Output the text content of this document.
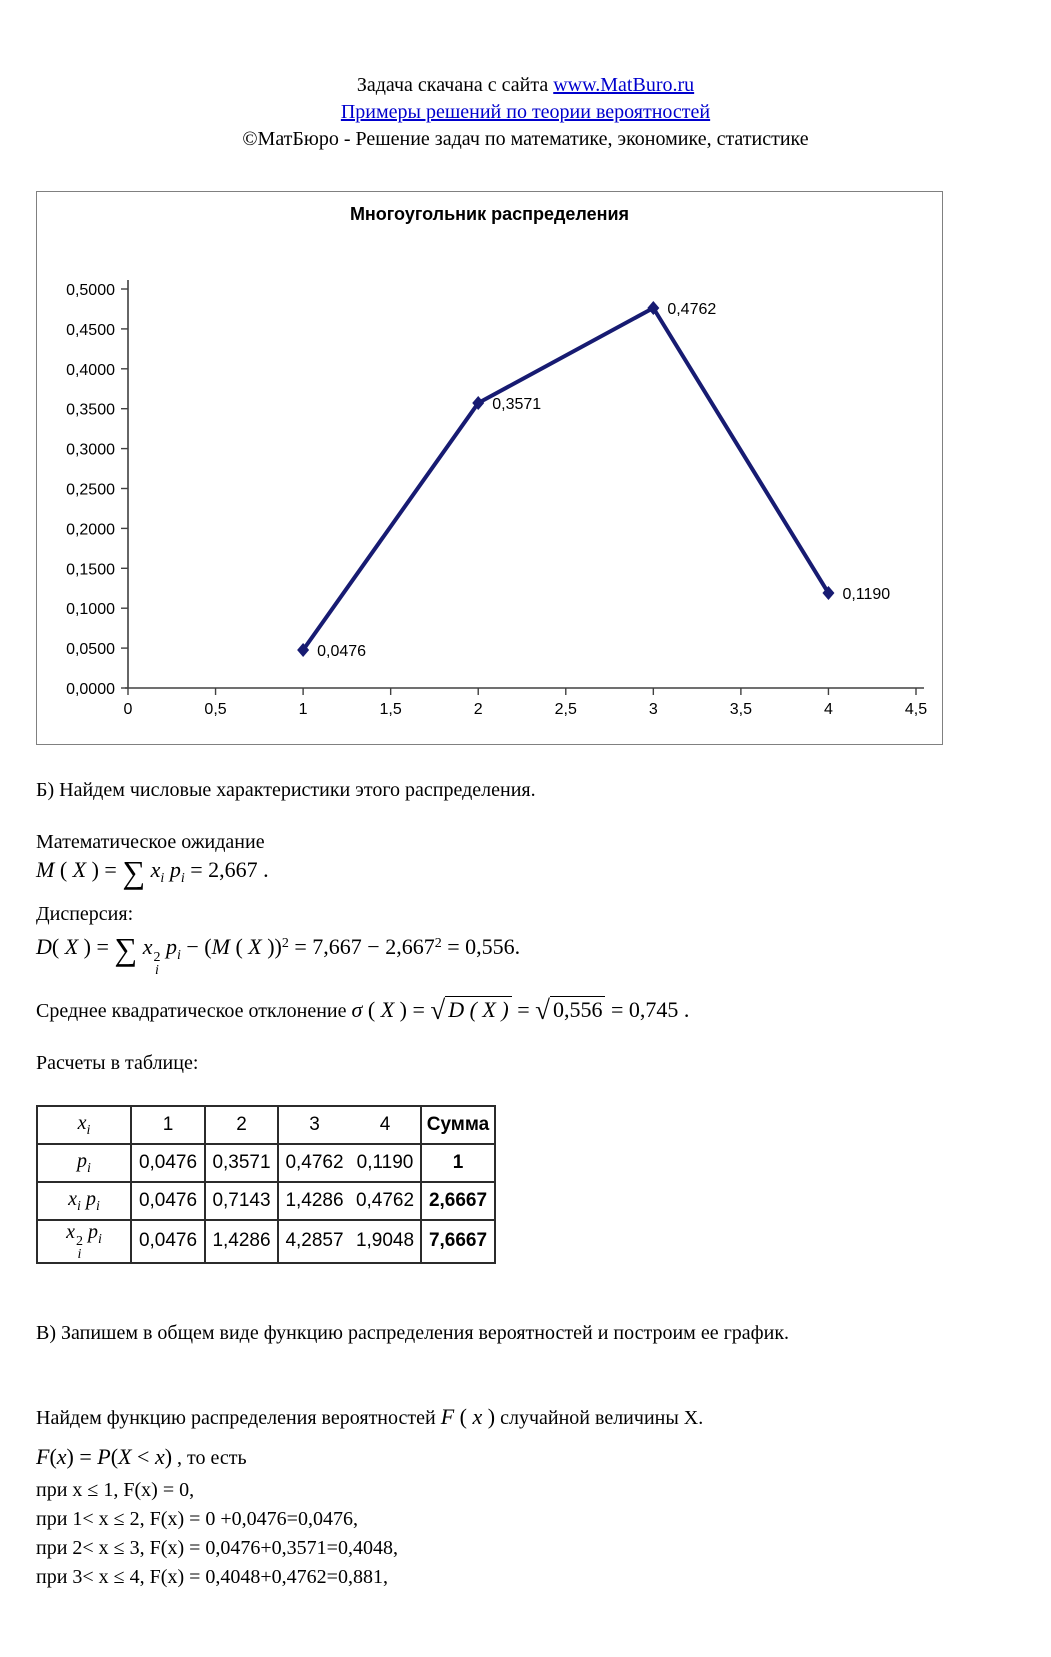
Задача скачана с сайта www.MatBuro.ru
Примеры решений по теории вероятностей
©МатБюро - Решение задач по математике, экономике, статистике
0,0000
0,0500
0,1000
0,1500
0,2000
0,2500
0,3000
0,3500
0,4000
0,4500
0,5000
0	0,5	1	1,5	2	2,5	3	3,5	4	4,5
0,0476
0,3571
0,4762
0,1190
Многоугольник распределения
Б) Найдем числовые характеристики этого распределения.
Математическое ожидание
M ( X ) = ∑ $x_i$ $p_i = 2,667$ .
Дисперсия:
D( X ) = ∑ x 2
i
$p_i - (M$ ( X ))$^2 = 7,667 - 2,667^2 = 0,556$.
Среднее квадратическое отклонение σ ( X ) = √ D ( X ) = √ 0,556 = 0,745 .
Расчеты в таблице:
$x_i$	1	2	3	4	Сумма
$p_i$	0,0476	0,3571	0,4762	0,1190	1
$x_i$ $p_i$	0,0476	0,7143	1,4286	0,4762	2,6667
x 2
i
$p_i$	0,0476	1,4286	4,2857	1,9048	7,6667
В) Запишем в общем виде функцию распределения вероятностей и построим ее график.
Найдем функцию распределения вероятностей F ( x ) случайной величины X.
F(x) = P(X < x) , то есть
при x ≤ 1, F(x) = 0,
при 1< x ≤ 2, F(x) = 0 +0,0476=0,0476,
при 2< x ≤ 3, F(x) = 0,0476+0,3571=0,4048,
при 3< x ≤ 4, F(x) = 0,4048+0,4762=0,881,
